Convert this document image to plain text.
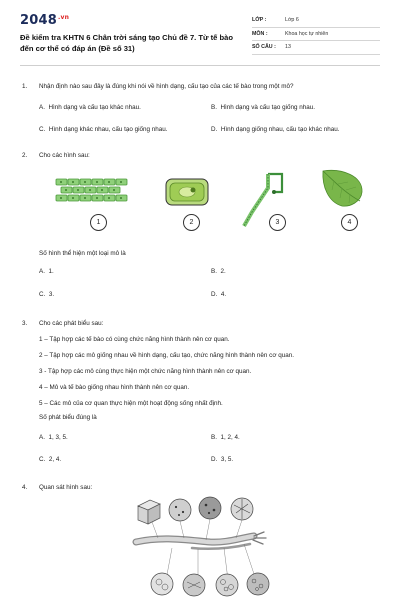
$2048^{.vn}$
Đề kiểm tra KHTN 6 Chân trời sáng tạo Chủ đề 7. Từ tế bào đến cơ thể có đáp án (Đề số 31)
LỚP :	Lớp 6
MÔN :	Khoa học tự nhiên
SỐ CÂU : 13
1. Nhận định nào sau đây là đúng khi nói về hình dạng, cấu tạo của các tế bào trong một mô?
A. Hình dạng và cấu tạo khác nhau.	B. Hình dạng và cấu tạo giống nhau.
C. Hình dạng khác nhau, cấu tạo giống nhau.	D. Hình dạng giống nhau, cấu tạo khác nhau.
2. Cho các hình sau:
1	2	3	4
Số hình thể hiện một loại mô là
A. 1.	B. 2.
C. 3.	D. 4.
3. Cho các phát biểu sau:
1 – Tập hợp các tế bào có cùng chức năng hình thành nên cơ quan.
2 – Tập hợp các mô giống nhau về hình dạng, cấu tạo, chức năng hình thành nên cơ quan.
3 - Tập hợp các mô cùng thực hiện một chức năng hình thành nên cơ quan.
4 – Mô và tế bào giống nhau hình thành nên cơ quan.
5 – Các mô của cơ quan thực hiện một hoạt động sống nhất định.
Số phát biểu đúng là
A. 1, 3, 5.	B. 1, 2, 4.
C. 2, 4.	D. 3, 5.
4. Quan sát hình sau:
